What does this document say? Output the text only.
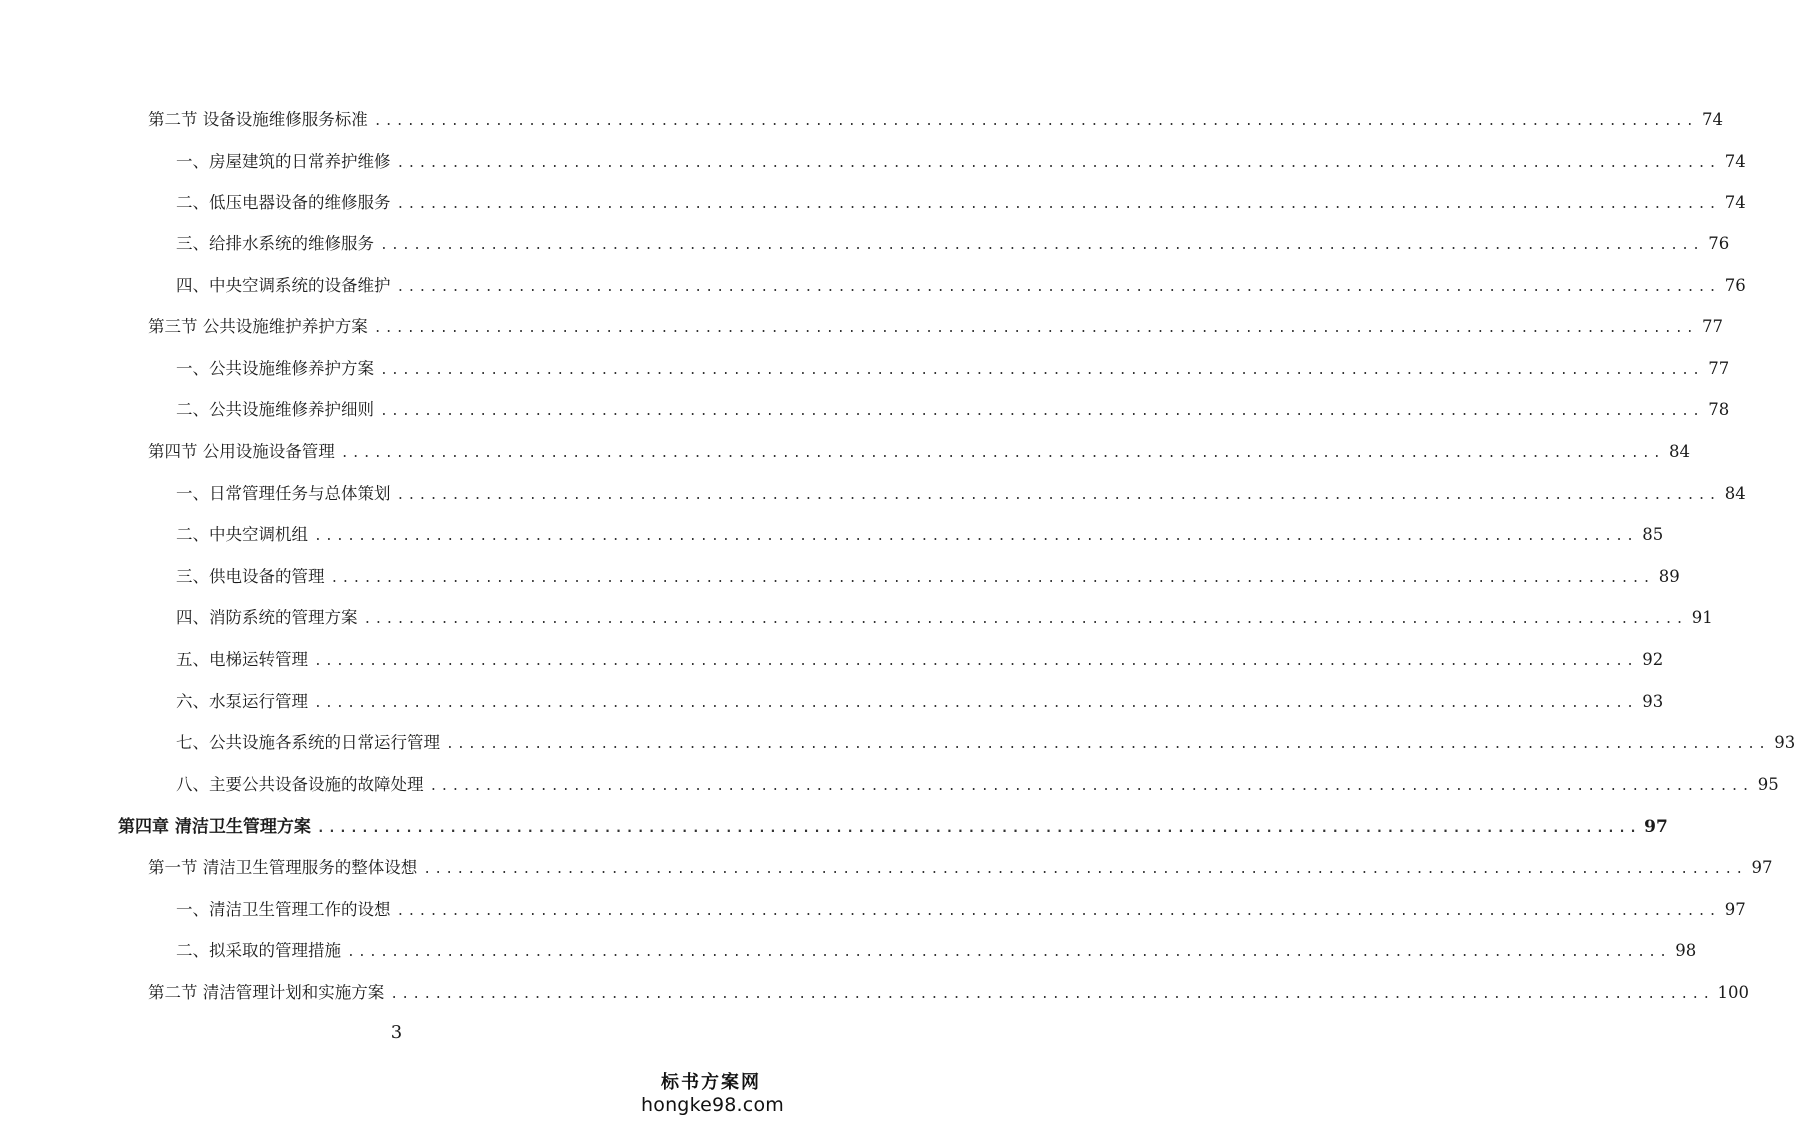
第二节 设备设施维修服务标准 ........................................................................................................................ 74
一、房屋建筑的日常养护维修 ........................................................................................................................ 74
二、低压电器设备的维修服务 ........................................................................................................................ 74
三、给排水系统的维修服务 ........................................................................................................................ 76
四、中央空调系统的设备维护 ........................................................................................................................ 76
第三节 公共设施维护养护方案 ........................................................................................................................ 77
一、公共设施维修养护方案 ........................................................................................................................ 77
二、公共设施维修养护细则 ........................................................................................................................ 78
第四节 公用设施设备管理 ........................................................................................................................ 84
一、日常管理任务与总体策划 ........................................................................................................................ 84
二、中央空调机组 ........................................................................................................................ 85
三、供电设备的管理 ........................................................................................................................ 89
四、消防系统的管理方案 ........................................................................................................................ 91
五、电梯运转管理 ........................................................................................................................ 92
六、水泵运行管理 ........................................................................................................................ 93
七、公共设施各系统的日常运行管理 ........................................................................................................................ 93
八、主要公共设备设施的故障处理 ........................................................................................................................ 95
第四章 清洁卫生管理方案 ........................................................................................................................ 97
第一节 清洁卫生管理服务的整体设想 ........................................................................................................................ 97
一、清洁卫生管理工作的设想 ........................................................................................................................ 97
二、拟采取的管理措施 ........................................................................................................................ 98
第二节 清洁管理计划和实施方案 ........................................................................................................................ 100
3
标书方案网
hongke98.com
